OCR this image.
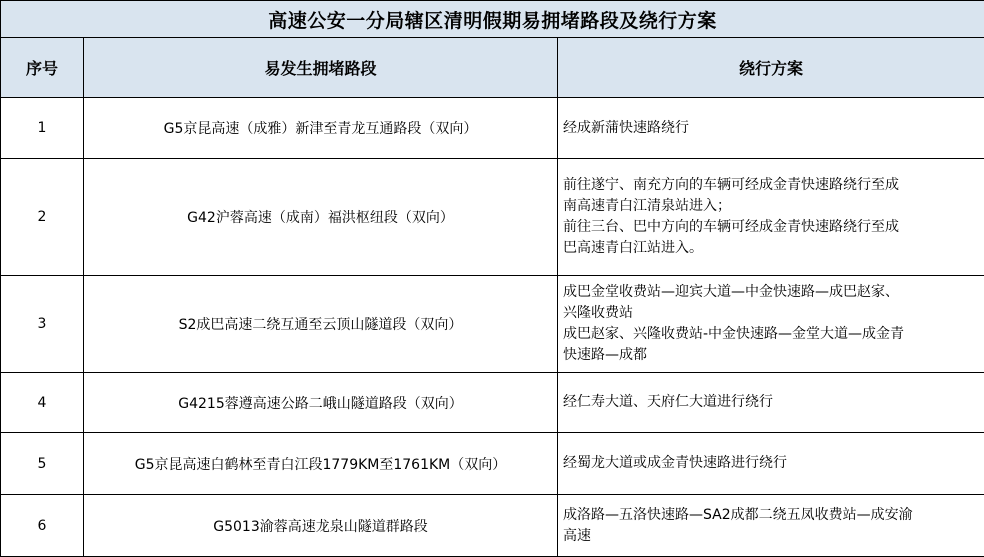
高速公安一分局辖区清明假期易拥堵路段及绕行方案		
序号	易发生拥堵路段	绕行方案
1	G5京昆高速（成雅）新津至青龙互通路段（双向）	经成新蒲快速路绕行

2	G42沪蓉高速（成南）福洪枢纽段（双向）	前往遂宁、南充方向的车辆可经成金青快速路绕行至成
南高速青白江清泉站进入；
前往三台、巴中方向的车辆可经成金青快速路绕行至成
巴高速青白江站进入。

3	S2成巴高速二绕互通至云顶山隧道段（双向）	成巴金堂收费站—迎宾大道—中金快速路—成巴赵家、
兴隆收费站
成巴赵家、兴隆收费站-中金快速路—金堂大道—成金青
快速路—成都

4	G4215蓉遵高速公路二峨山隧道路段（双向）	经仁寿大道、天府仁大道进行绕行

5	G5京昆高速白鹤林至青白江段1779KM至1761KM（双向）	经蜀龙大道或成金青快速路进行绕行

6	G5013渝蓉高速龙泉山隧道群路段	成洛路—五洛快速路—SA2成都二绕五凤收费站—成安渝
高速
